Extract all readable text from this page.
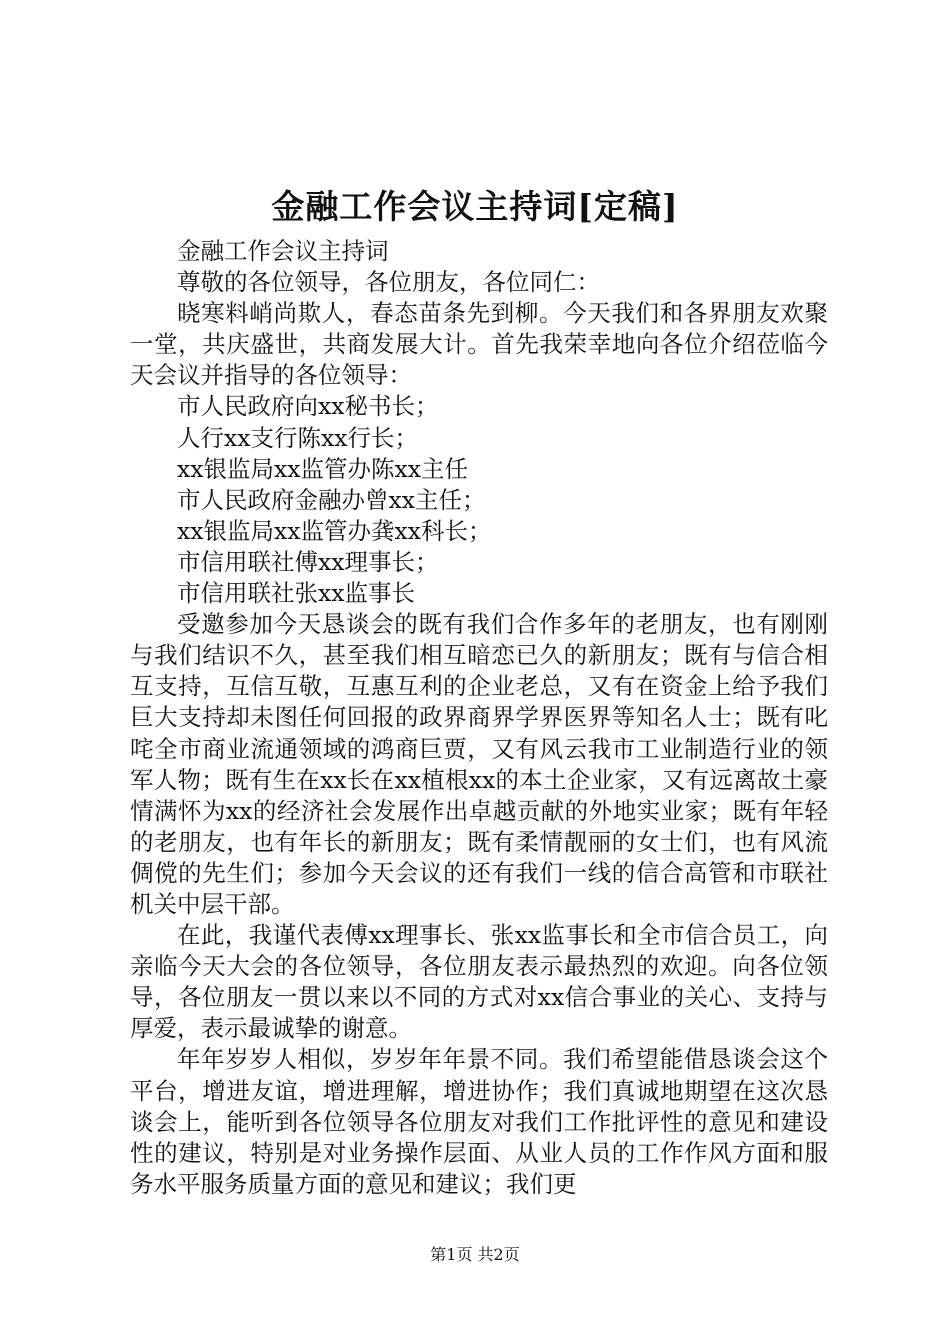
金融工作会议主持词[定稿]

金融工作会议主持词

尊敬的各位领导，各位朋友，各位同仁：

晓寒料峭尚欺人，春态苗条先到柳。今天我们和各界朋友欢聚一堂，共庆盛世，共商发展大计。首先我荣幸地向各位介绍莅临今天会议并指导的各位领导：

市人民政府向xx秘书长；

人行xx支行陈xx行长；

xx银监局xx监管办陈xx主任

市人民政府金融办曾xx主任；

xx银监局xx监管办龚xx科长；

市信用联社傅xx理事长；

市信用联社张xx监事长

受邀参加今天恳谈会的既有我们合作多年的老朋友，也有刚刚与我们结识不久，甚至我们相互暗恋已久的新朋友；既有与信合相互支持，互信互敬，互惠互利的企业老总，又有在资金上给予我们巨大支持却未图任何回报的政界商界学界医界等知名人士；既有叱咤全市商业流通领域的鸿商巨贾，又有风云我市工业制造行业的领军人物；既有生在xx长在xx植根xx的本土企业家，又有远离故土豪情满怀为xx的经济社会发展作出卓越贡献的外地实业家；既有年轻的老朋友，也有年长的新朋友；既有柔情靓丽的女士们，也有风流倜傥的先生们；参加今天会议的还有我们一线的信合高管和市联社机关中层干部。

在此，我谨代表傅xx理事长、张xx监事长和全市信合员工，向亲临今天大会的各位领导，各位朋友表示最热烈的欢迎。向各位领导，各位朋友一贯以来以不同的方式对xx信合事业的关心、支持与厚爱，表示最诚挚的谢意。

年年岁岁人相似，岁岁年年景不同。我们希望能借恳谈会这个平台，增进友谊，增进理解，增进协作；我们真诚地期望在这次恳谈会上，能听到各位领导各位朋友对我们工作批评性的意见和建设性的建议，特别是对业务操作层面、从业人员的工作作风方面和服务水平服务质量方面的意见和建议；我们更

第1页 共2页
